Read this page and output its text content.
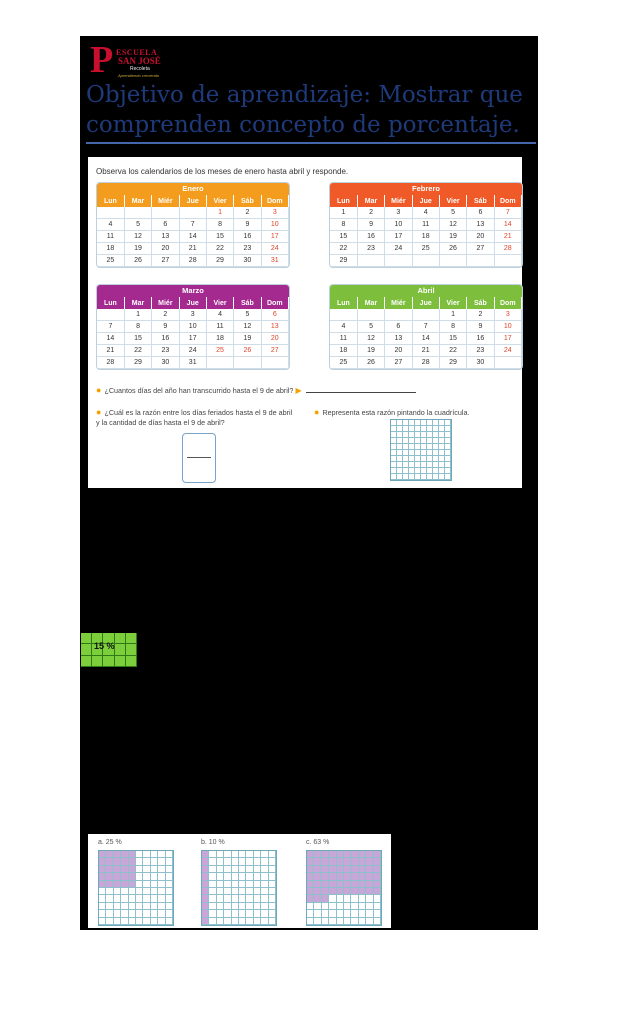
P ESCUELA
SAN JOSÉ
Recoleta
Aprendiendo creciendo
Objetivo de aprendizaje: Mostrar que comprenden concepto de porcentaje.
Observa los calendarios de los meses de enero hasta abril y responde.
Enero
Lun	Mar	Miér	Jue	Vier	Sáb	Dom
				1	2	3
4	5	6	7	8	9	10
11	12	13	14	15	16	17
18	19	20	21	22	23	24
25	26	27	28	29	30	31
Febrero
Lun	Mar	Miér	Jue	Vier	Sáb	Dom
1	2	3	4	5	6	7
8	9	10	11	12	13	14
15	16	17	18	19	20	21
22	23	24	25	26	27	28
29						
Marzo
Lun	Mar	Miér	Jue	Vier	Sáb	Dom
	1	2	3	4	5	6
7	8	9	10	11	12	13
14	15	16	17	18	19	20
21	22	23	24	25	26	27
28	29	30	31			
Abril
Lun	Mar	Miér	Jue	Vier	Sáb	Dom
				1	2	3
4	5	6	7	8	9	10
11	12	13	14	15	16	17
18	19	20	21	22	23	24
25	26	27	28	29	30	
● ¿Cuantos días del año han transcurrido hasta el 9 de abril? ▶
● ¿Cuál es la razón entre los días feriados hasta el 9 de abril y la cantidad de días hasta el 9 de abril?
● Representa esta razón pintando la cuadrícula.
15 %
a. 25 %	b. 10 %	c. 63 %
